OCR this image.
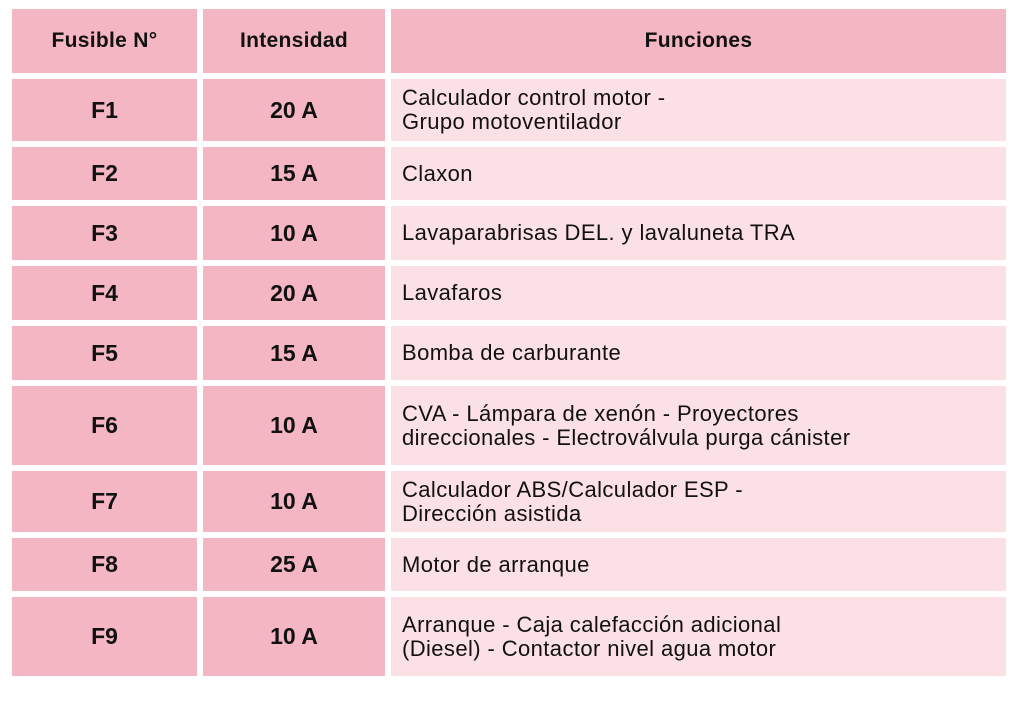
Fusible N°	Intensidad	Funciones
F1	20 A	Calculador control motor -
Grupo motoventilador
F2	15 A	Claxon
F3	10 A	Lavaparabrisas DEL. y lavaluneta TRA
F4	20 A	Lavafaros
F5	15 A	Bomba de carburante
F6	10 A	CVA - Lámpara de xenón - Proyectores
direccionales - Electroválvula purga cánister
F7	10 A	Calculador ABS/Calculador ESP -
Dirección asistida
F8	25 A	Motor de arranque
F9	10 A	Arranque - Caja calefacción adicional
(Diesel) - Contactor nivel agua motor
